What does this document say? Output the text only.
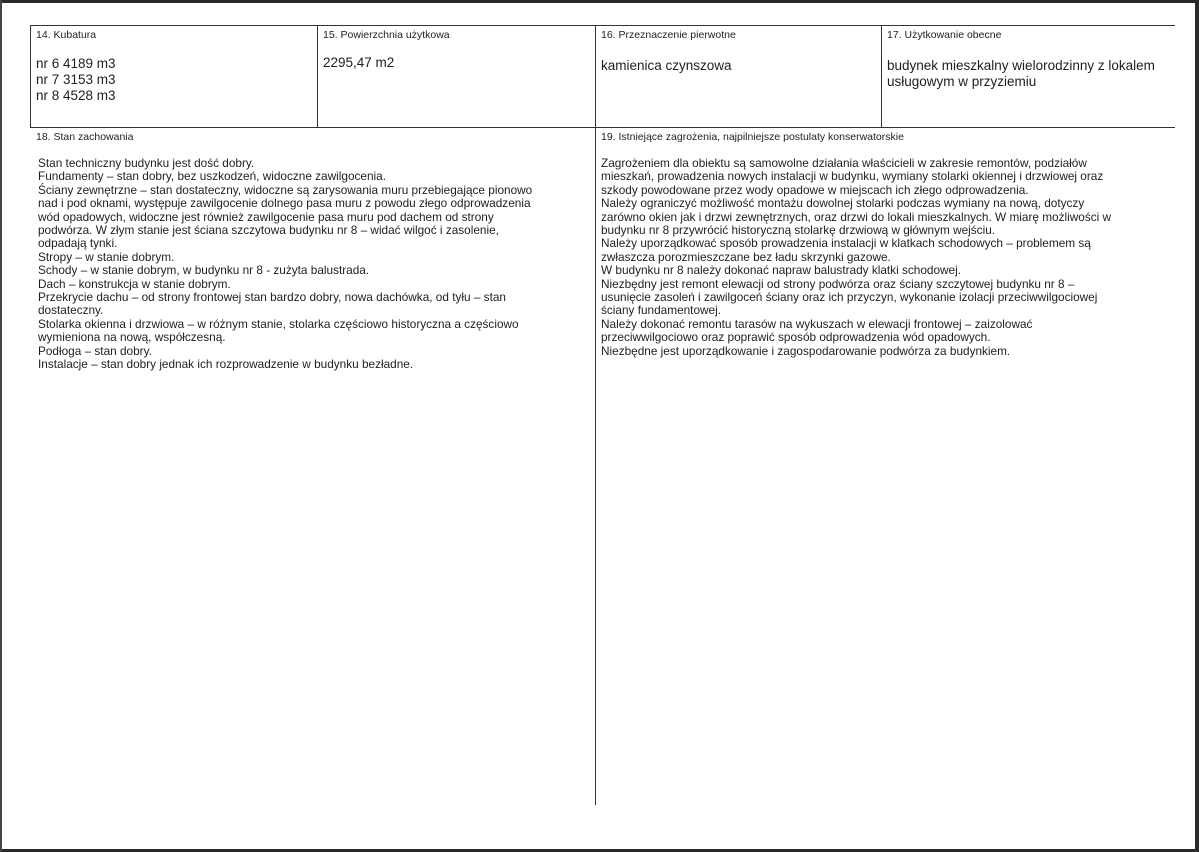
14. Kubatura
nr 6 4189 m3
nr 7 3153 m3
nr 8 4528 m3
15. Powierzchnia użytkowa
2295,47 m2
16. Przeznaczenie pierwotne
kamienica czynszowa
17. Użytkowanie obecne
budynek mieszkalny wielorodzinny z lokalem
usługowym w przyziemiu
18. Stan zachowania
Stan techniczny budynku jest dość dobry.
Fundamenty – stan dobry, bez uszkodzeń, widoczne zawilgocenia.
Ściany zewnętrzne – stan dostateczny, widoczne są zarysowania muru przebiegające pionowo
nad i pod oknami, występuje zawilgocenie dolnego pasa muru z powodu złego odprowadzenia
wód opadowych, widoczne jest również zawilgocenie pasa muru pod dachem od strony
podwórza. W złym stanie jest ściana szczytowa budynku nr 8 – widać wilgoć i zasolenie,
odpadają tynki.
Stropy – w stanie dobrym.
Schody – w stanie dobrym, w budynku nr 8 - zużyta balustrada.
Dach – konstrukcja w stanie dobrym.
Przekrycie dachu – od strony frontowej stan bardzo dobry, nowa dachówka, od tyłu – stan
dostateczny.
Stolarka okienna i drzwiowa – w różnym stanie, stolarka częściowo historyczna a częściowo
wymieniona na nową, współczesną.
Podłoga – stan dobry.
Instalacje – stan dobry jednak ich rozprowadzenie w budynku bezładne.
19. Istniejące zagrożenia, najpilniejsze postulaty konserwatorskie
Zagrożeniem dla obiektu są samowolne działania właścicieli w zakresie remontów, podziałów
mieszkań, prowadzenia nowych instalacji w budynku, wymiany stolarki okiennej i drzwiowej oraz
szkody powodowane przez wody opadowe w miejscach ich złego odprowadzenia.
Należy ograniczyć możliwość montażu dowolnej stolarki podczas wymiany na nową, dotyczy
zarówno okien jak i drzwi zewnętrznych, oraz drzwi do lokali mieszkalnych. W miarę możliwości w
budynku nr 8 przywrócić historyczną stolarkę drzwiową w głównym wejściu.
Należy uporządkować sposób prowadzenia instalacji w klatkach schodowych – problemem są
zwłaszcza porozmieszczane bez ładu skrzynki gazowe.
W budynku nr 8 należy dokonać napraw balustrady klatki schodowej.
Niezbędny jest remont elewacji od strony podwórza oraz ściany szczytowej budynku nr 8 –
usunięcie zasoleń i zawilgoceń ściany oraz ich przyczyn, wykonanie izolacji przeciwwilgociowej
ściany fundamentowej.
Należy dokonać remontu tarasów na wykuszach w elewacji frontowej – zaizolować
przeciwwilgociowo oraz poprawić sposób odprowadzenia wód opadowych.
Niezbędne jest uporządkowanie i zagospodarowanie podwórza za budynkiem.
